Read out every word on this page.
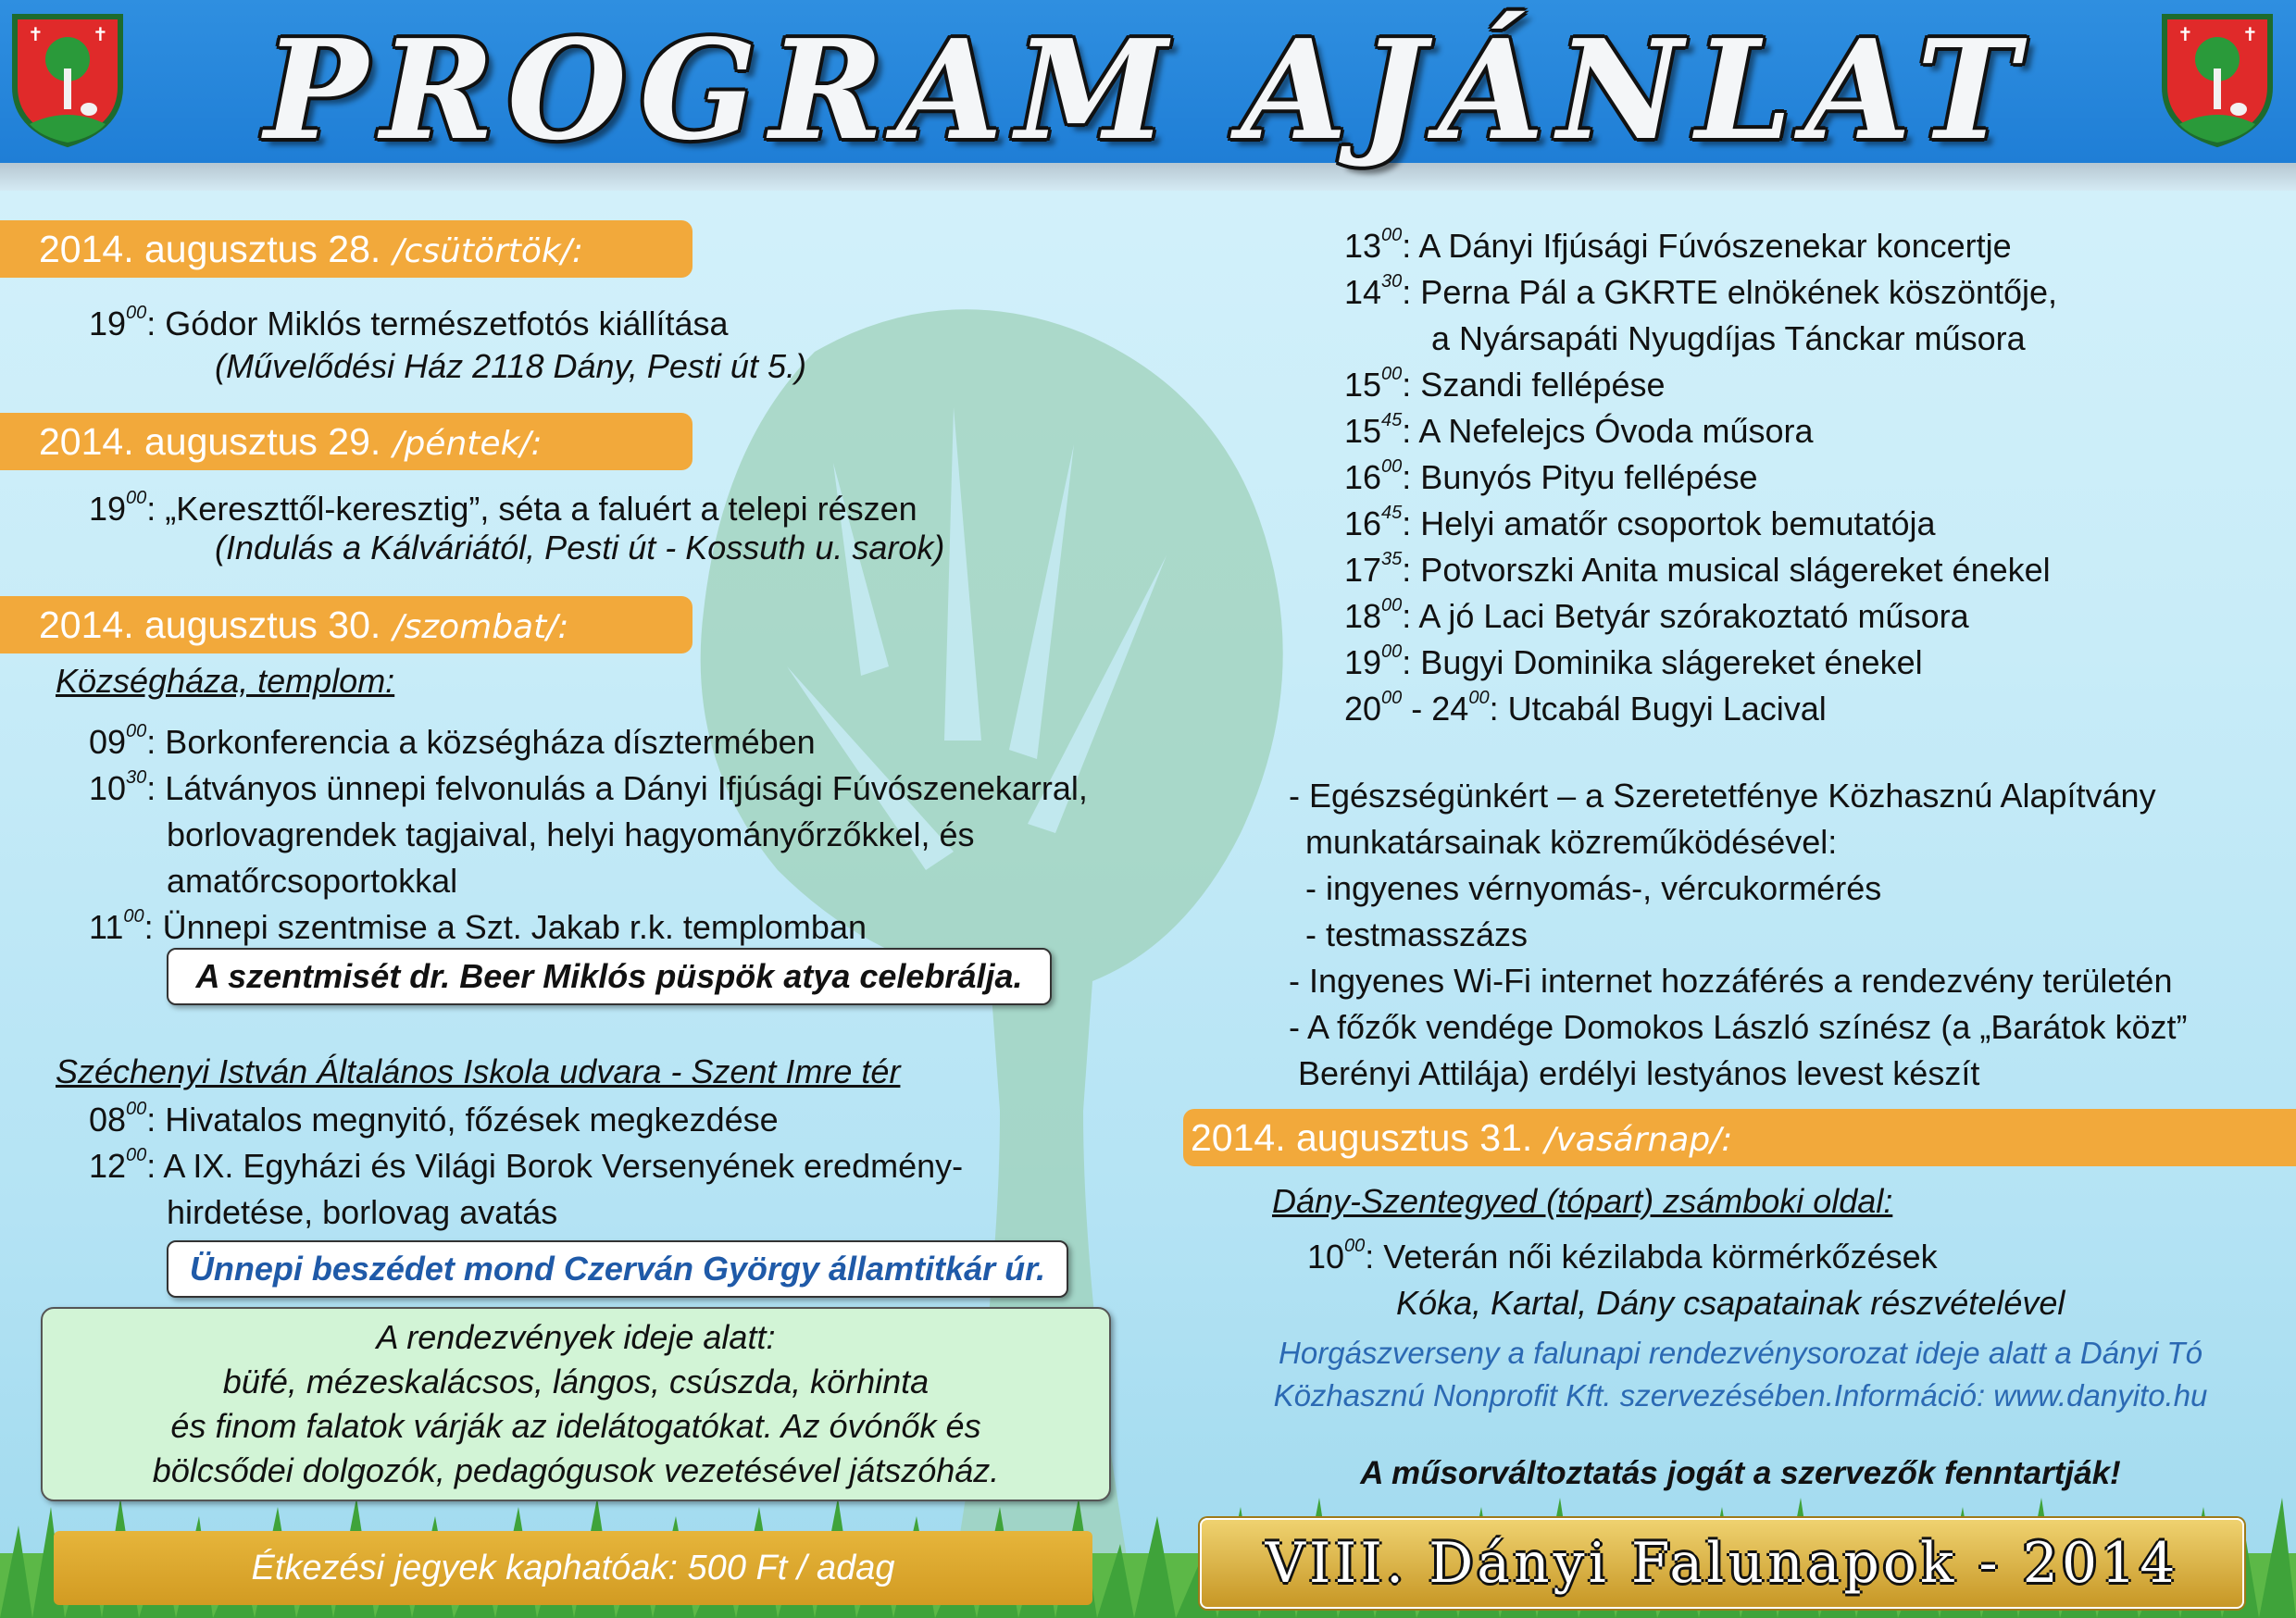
PROGRAM AJÁNLAT
✝	✝	✝	✝
2014. augusztus 28. /csütörtök/:
$19^{00}$: Gódor Miklós természetfotós kiállítása
(Művelődési Ház 2118 Dány, Pesti út 5.)
2014. augusztus 29. /péntek/:
$19^{00}$: „Kereszttől-keresztig”, séta a faluért a telepi részen
(Indulás a Kálváriától, Pesti út - Kossuth u. sarok)
2014. augusztus 30. /szombat/:
Községháza, templom:
$09^{00}$: Borkonferencia a községháza dísztermében
$10^{30}$: Látványos ünnepi felvonulás a Dányi Ifjúsági Fúvószenekarral,
borlovagrendek tagjaival, helyi hagyományőrzőkkel, és
amatőrcsoportokkal
$11^{00}$: Ünnepi szentmise a Szt. Jakab r.k. templomban
A szentmisét dr. Beer Miklós püspök atya celebrálja.
Széchenyi István Általános Iskola udvara - Szent Imre tér
$08^{00}$: Hivatalos megnyitó, főzések megkezdése
$12^{00}$: A IX. Egyházi és Világi Borok Versenyének eredmény-
hirdetése, borlovag avatás
Ünnepi beszédet mond Czerván György államtitkár úr.
A rendezvények ideje alatt:
büfé, mézeskalácsos, lángos, csúszda, körhinta
és finom falatok várják az idelátogatókat. Az óvónők és
bölcsődei dolgozók, pedagógusok vezetésével játszóház.
Étkezési jegyek kaphatóak: 500 Ft / adag
$13^{00}$: A Dányi Ifjúsági Fúvószenekar koncertje
$14^{30}$: Perna Pál a GKRTE elnökének köszöntője,
a Nyársapáti Nyugdíjas Tánckar műsora
$15^{00}$: Szandi fellépése
$15^{45}$: A Nefelejcs Óvoda műsora
$16^{00}$: Bunyós Pityu fellépése
$16^{45}$: Helyi amatőr csoportok bemutatója
$17^{35}$: Potvorszki Anita musical slágereket énekel
$18^{00}$: A jó Laci Betyár szórakoztató műsora
$19^{00}$: Bugyi Dominika slágereket énekel
$20^{00} - 24^{00}$: Utcabál Bugyi Lacival
- Egészségünkért – a Szeretetfénye Közhasznú Alapítvány
munkatársainak közreműködésével:
- ingyenes vérnyomás-, vércukormérés
- testmasszázs
- Ingyenes Wi-Fi internet hozzáférés a rendezvény területén
- A főzők vendége Domokos László színész (a „Barátok közt”
Berényi Attilája) erdélyi lestyános levest készít
2014. augusztus 31. /vasárnap/:
Dány-Szentegyed (tópart) zsámboki oldal:
$10^{00}$: Veterán női kézilabda körmérkőzések
Kóka, Kartal, Dány csapatainak részvételével
Horgászverseny a falunapi rendezvénysorozat ideje alatt a Dányi Tó
Közhasznú Nonprofit Kft. szervezésében.Információ: www.danyito.hu
A műsorváltoztatás jogát a szervezők fenntartják!
VIII. Dányi Falunapok - 2014
